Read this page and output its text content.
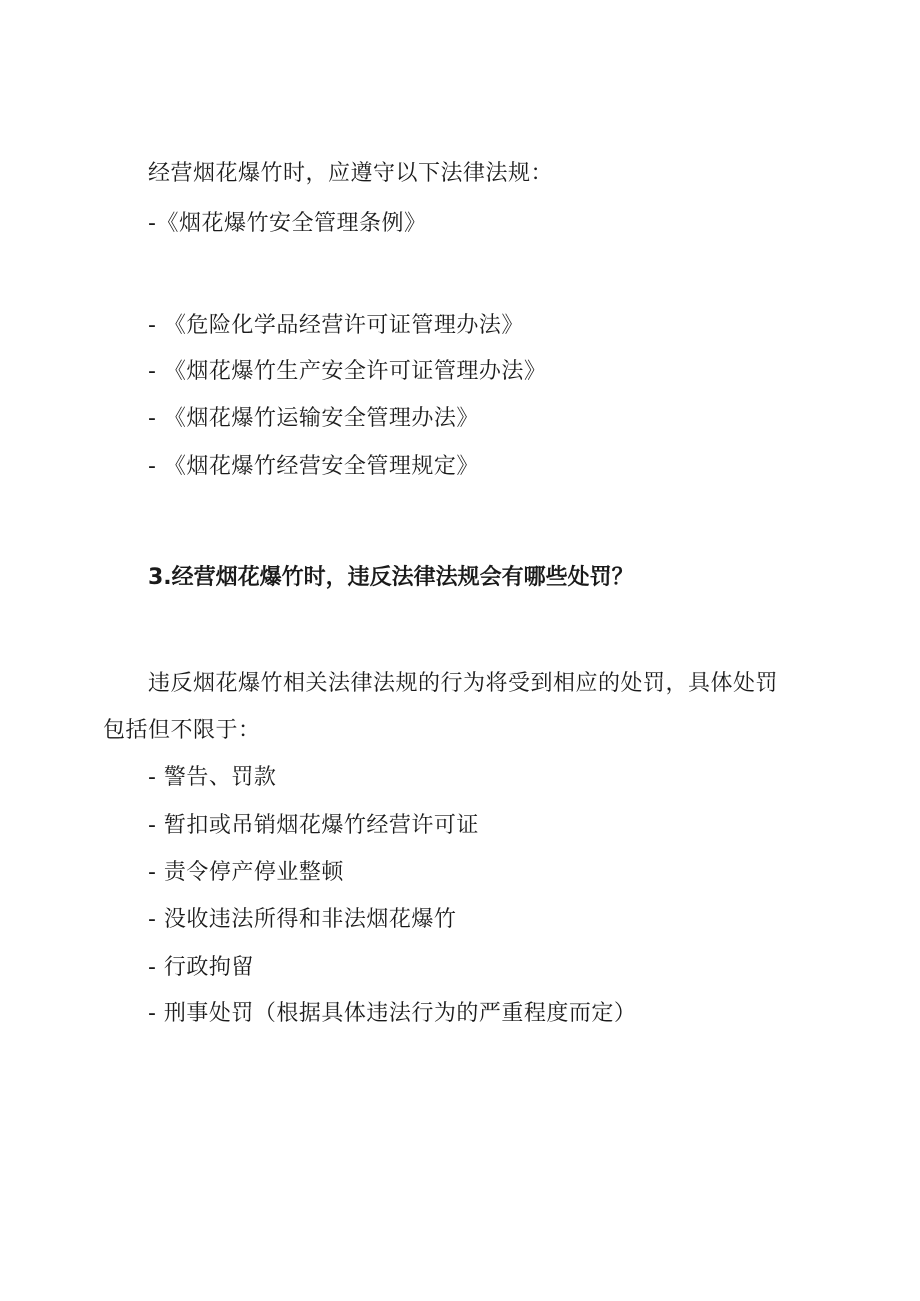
经营烟花爆竹时，应遵守以下法律法规：
-《烟花爆竹安全管理条例》
- 《危险化学品经营许可证管理办法》
- 《烟花爆竹生产安全许可证管理办法》
- 《烟花爆竹运输安全管理办法》
- 《烟花爆竹经营安全管理规定》
3.经营烟花爆竹时，违反法律法规会有哪些处罚？
违反烟花爆竹相关法律法规的行为将受到相应的处罚，具体处罚
包括但不限于：
- 警告、罚款
- 暂扣或吊销烟花爆竹经营许可证
- 责令停产停业整顿
- 没收违法所得和非法烟花爆竹
- 行政拘留
- 刑事处罚（根据具体违法行为的严重程度而定）
